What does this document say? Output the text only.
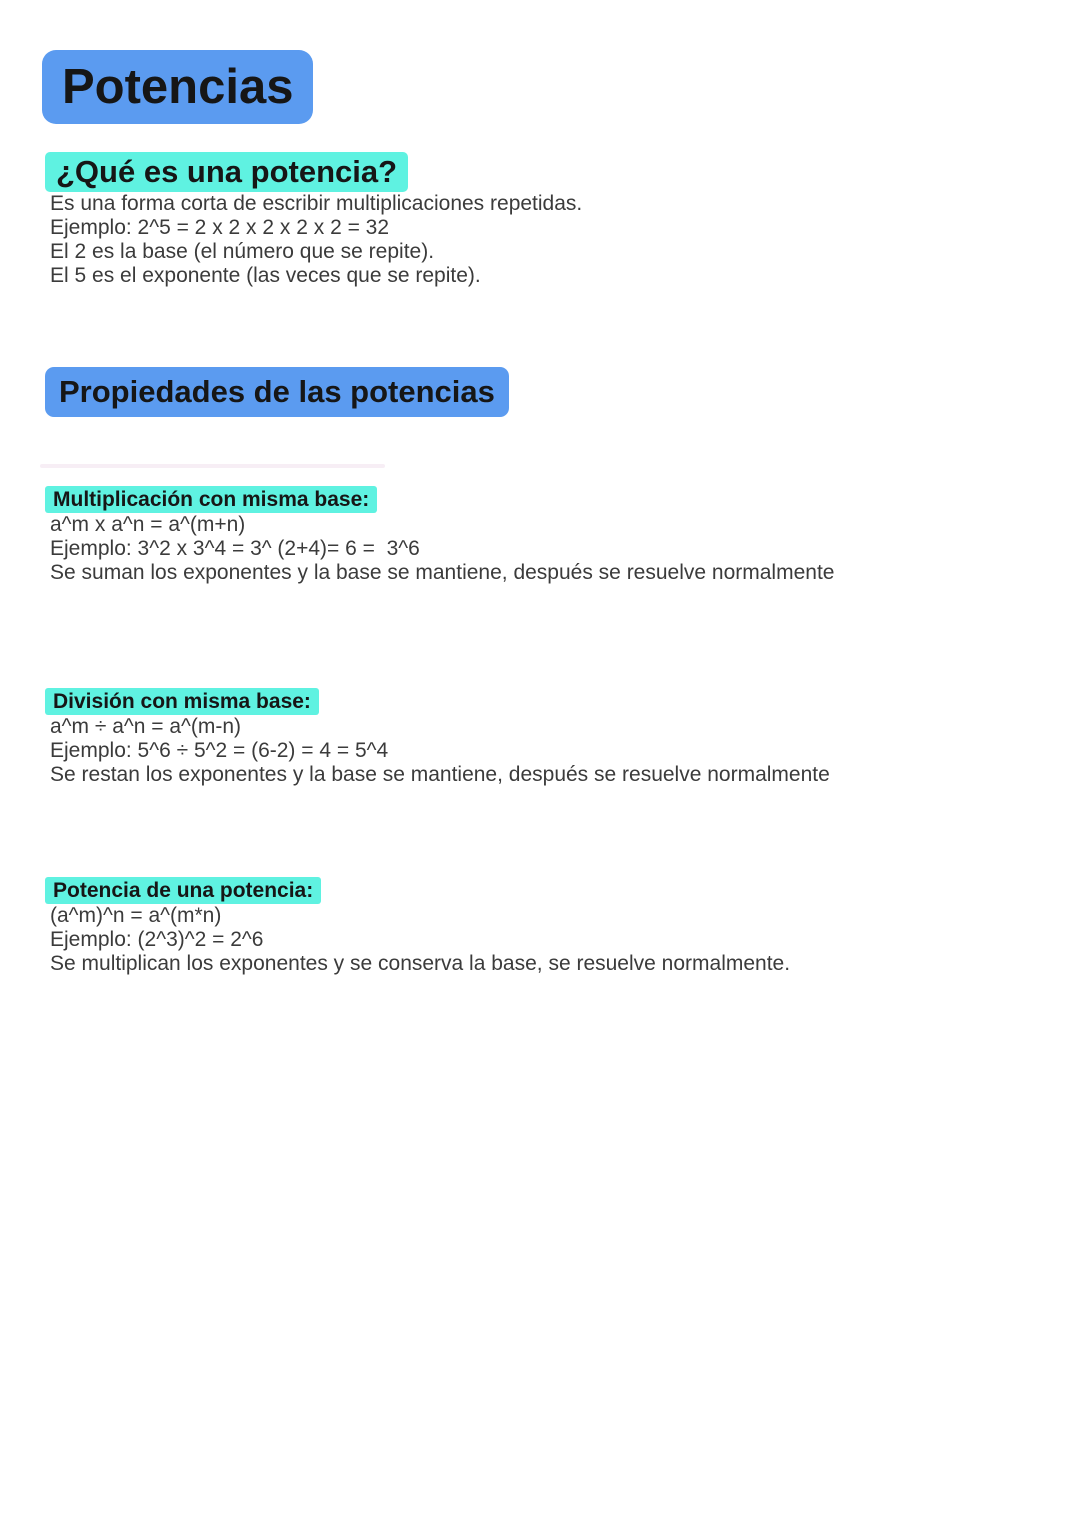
Potencias
¿Qué es una potencia?

Es una forma corta de escribir multiplicaciones repetidas.

Ejemplo: 2^5 = 2 x 2 x 2 x 2 x 2 = 32

El 2 es la base (el número que se repite).

El 5 es el exponente (las veces que se repite).

Propiedades de las potencias
Multiplicación con misma base:

a^m x a^n = a^(m+n)

Ejemplo: 3^2 x 3^4 = 3^ (2+4)= 6 =  3^6

Se suman los exponentes y la base se mantiene, después se resuelve normalmente

División con misma base:

a^m ÷ a^n = a^(m-n)

Ejemplo: 5^6 ÷ 5^2 = (6-2) = 4 = 5^4

Se restan los exponentes y la base se mantiene, después se resuelve normalmente

Potencia de una potencia:

(a^m)^n = a^(m*n)

Ejemplo: (2^3)^2 = 2^6

Se multiplican los exponentes y se conserva la base, se resuelve normalmente.
